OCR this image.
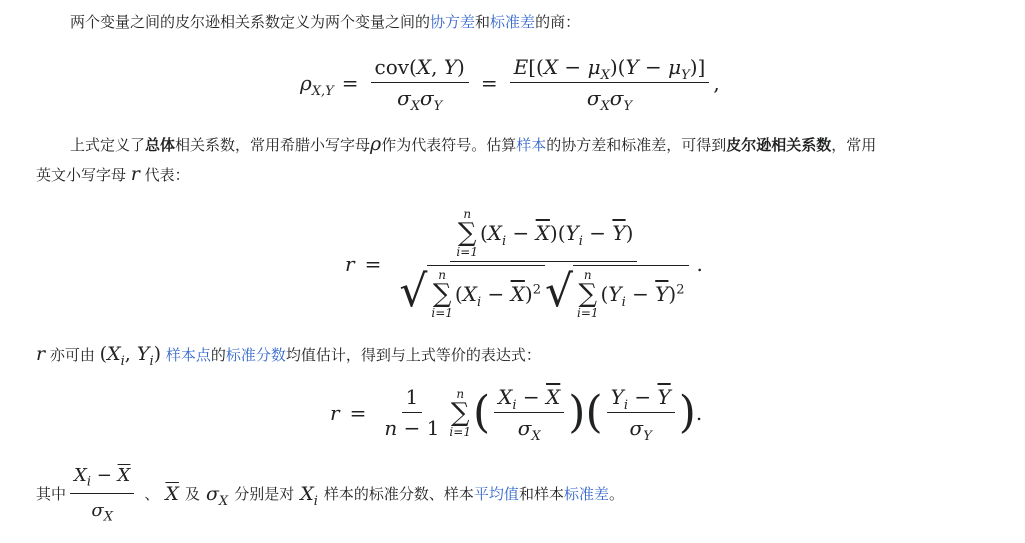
两个变量之间的皮尔逊相关系数定义为两个变量之间的协方差和标准差的商：
$\rho_{X,Y} = \frac{\text{cov(X, Y)}}{\sigma_X\sigma_Y} = \frac{E[(X - \mu_X)(Y - \mu_Y)]}{\sigma_X\sigma_Y}$ ,
上式定义了总体相关系数，常用希腊小写字母ρ作为代表符号。估算样本的协方差和标准差，可得到皮尔逊相关系数，常用
英文小写字母 r 代表：
r =
n
∑
i=1
$(X_i - \overline{X})(Y_i - \overline{Y})$
√ n
∑
i=1
$(X_i - \overline{X})^2$ √ n
∑
i=1
$(Y_i - \overline{Y})^2$
.
r 亦可由 ($X_i$, $Y_i$) 样本点的标准分数均值估计，得到与上式等价的表达式：
$r = \frac{1}{n - 1}$ n
∑
i=1 ( $\frac{X_i - \overline{X}}{\sigma_X}$ ) ( $\frac{Y_i - \overline{Y}}{\sigma_Y}$ ) .
其中 $\frac{X_i - \overline{X}}{\sigma_X}$ 、 $\overline{X}$ 及 $\sigma_X$ 分别是对 $X_i$ 样本的标准分数、样本 平均值 和样本 标准差 。
